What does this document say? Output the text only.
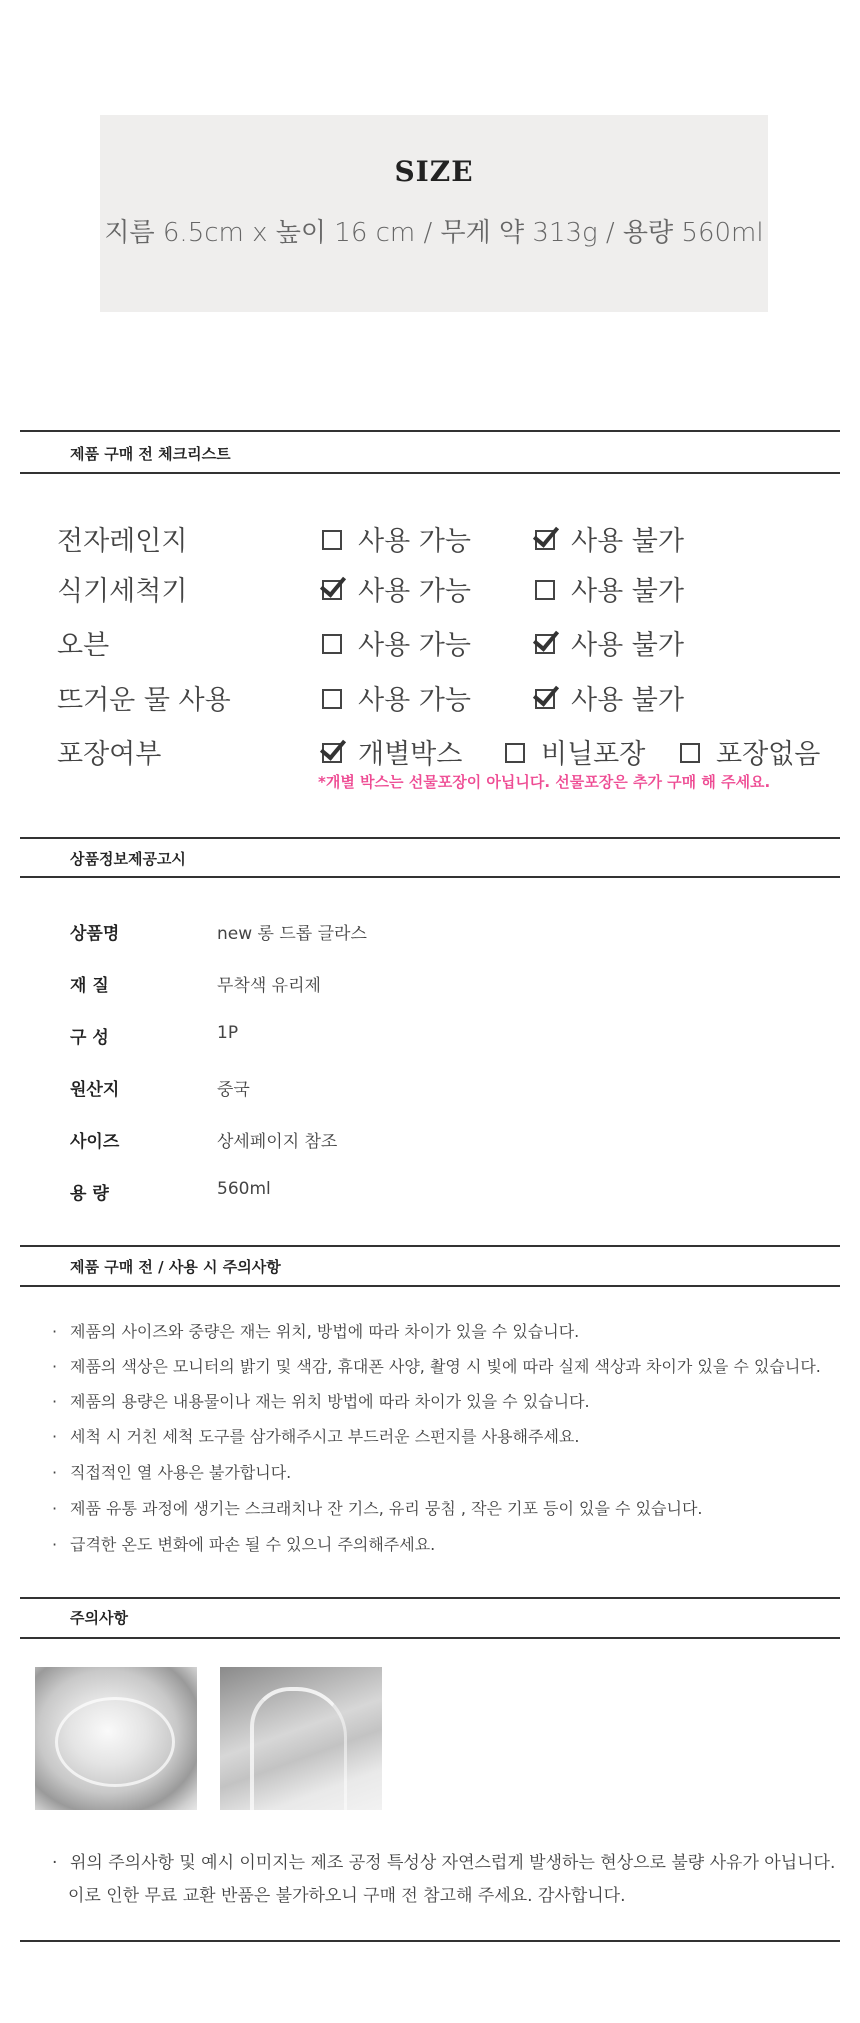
SIZE
지름 6.5cm x 높이 16 cm / 무게 약 313g / 용량 560ml
제품 구매 전 체크리스트
전자레인지	사용 가능	사용 불가
식기세척기	사용 가능	사용 불가
오븐	사용 가능	사용 불가
뜨거운 물 사용	사용 가능	사용 불가
포장여부	개별박스	비닐포장	포장없음
*개별 박스는 선물포장이 아닙니다. 선물포장은 추가 구매 해 주세요.
상품정보제공고시
상품명	new 롱 드롭 글라스
재 질	무착색 유리제
구 성	1P
원산지	중국
사이즈	상세페이지 참조
용 량	560ml
제품 구매 전 / 사용 시 주의사항
· 제품의 사이즈와 중량은 재는 위치, 방법에 따라 차이가 있을 수 있습니다.
· 제품의 색상은 모니터의 밝기 및 색감, 휴대폰 사양, 촬영 시 빛에 따라 실제 색상과 차이가 있을 수 있습니다.
· 제품의 용량은 내용물이나 재는 위치 방법에 따라 차이가 있을 수 있습니다.
· 세척 시 거친 세척 도구를 삼가해주시고 부드러운 스펀지를 사용해주세요.
· 직접적인 열 사용은 불가합니다.
· 제품 유통 과정에 생기는 스크래치나 잔 기스, 유리 뭉침 , 작은 기포 등이 있을 수 있습니다.
· 급격한 온도 변화에 파손 될 수 있으니 주의해주세요.
주의사항
· 위의 주의사항 및 예시 이미지는 제조 공정 특성상 자연스럽게 발생하는 현상으로 불량 사유가 아닙니다.
이로 인한 무료 교환 반품은 불가하오니 구매 전 참고해 주세요. 감사합니다.
